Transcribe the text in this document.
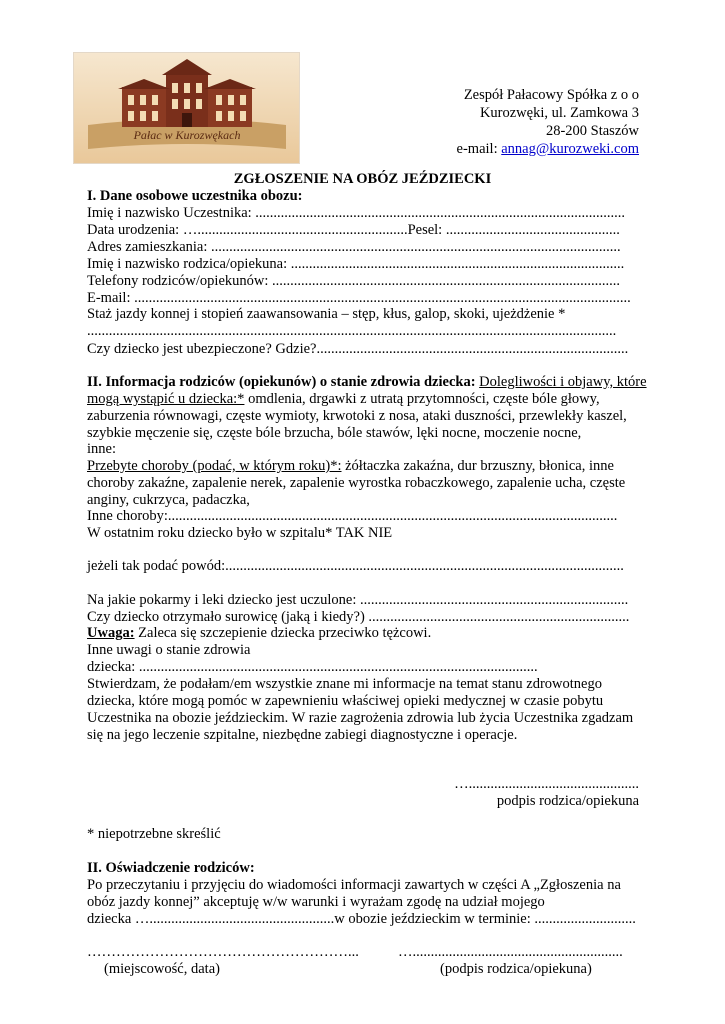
Pałac w Kurozwękach
Zespół Pałacowy Spółka z o o
Kurozwęki, ul. Zamkowa 3
28-200 Staszów
e-mail: annag@kurozweki.com
ZGŁOSZENIE NA OBÓZ JEŹDZIECKI
I. Dane osobowe uczestnika obozu:
Imię i nazwisko Uczestnika: ......................................................................................................
Data urodzenia: …..........................................................Pesel: ................................................
Adres zamieszkania: .................................................................................................................
Imię i nazwisko rodzica/opiekuna: ............................................................................................
Telefony rodziców/opiekunów: ................................................................................................
E-mail: .........................................................................................................................................
Staż jazdy konnej i stopień zaawansowania – stęp, kłus, galop, skoki, ujeżdżenie *
..................................................................................................................................................
Czy dziecko jest ubezpieczone? Gdzie?......................................................................................
II. Informacja rodziców (opiekunów) o stanie zdrowia dziecka: Dolegliwości i objawy, które mogą wystąpić u dziecka:* omdlenia, drgawki z utratą przytomności, częste bóle głowy, zaburzenia równowagi, częste wymioty, krwotoki z nosa, ataki duszności, przewlekły kaszel, szybkie męczenie się, częste bóle brzucha, bóle stawów, lęki nocne, moczenie nocne,
inne:
Przebyte choroby (podać, w którym roku)*: żółtaczka zakaźna, dur brzuszny, błonica, inne choroby zakaźne, zapalenie nerek, zapalenie wyrostka robaczkowego, zapalenie ucha, częste anginy, cukrzyca, padaczka,
Inne choroby:............................................................................................................................
W ostatnim roku dziecko było w szpitalu* TAK NIE
jeżeli tak podać powód:..............................................................................................................
Na jakie pokarmy i leki dziecko jest uczulone: ..........................................................................
Czy dziecko otrzymało surowicę (jaką i kiedy?) ........................................................................
Uwaga: Zaleca się szczepienie dziecka przeciwko tężcowi.
Inne uwagi o stanie zdrowia
dziecka: ..............................................................................................................
Stwierdzam, że podałam/em wszystkie znane mi informacje na temat stanu zdrowotnego dziecka, które mogą pomóc w zapewnieniu właściwej opieki medycznej w czasie pobytu Uczestnika na obozie jeździeckim. W razie zagrożenia zdrowia lub życia Uczestnika zgadzam się na jego leczenie szpitalne, niezbędne zabiegi diagnostyczne i operacje.
…...............................................
podpis rodzica/opiekuna
* niepotrzebne skreślić
II. Oświadczenie rodziców:
Po przeczytaniu i przyjęciu do wiadomości informacji zawartych w części A „Zgłoszenia na
obóz jazdy konnej” akceptuję w/w warunki i wyrażam zgodę na udział mojego
dziecka …...................................................w obozie jeździeckim w terminie: ............................
………………………………………………...	…..........................................................
(miejscowość, data)	(podpis rodzica/opiekuna)
